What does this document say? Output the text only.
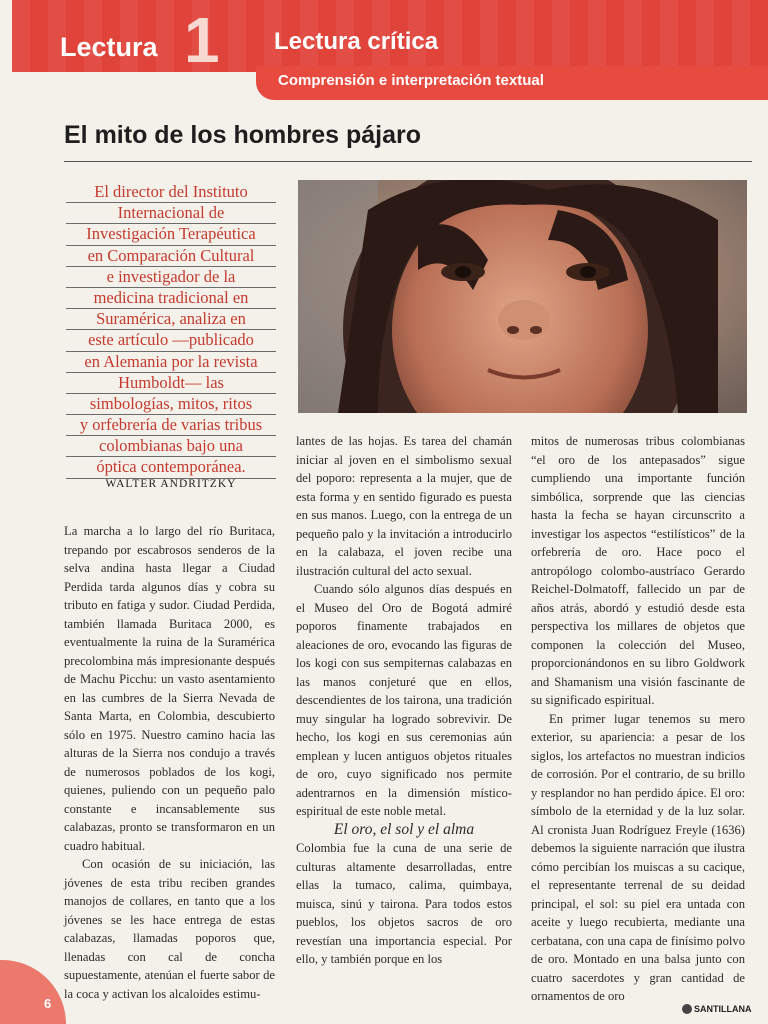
Lectura 1 Lectura crítica
Comprensión e interpretación textual
El mito de los hombres pájaro
El director del Instituto
Internacional de
Investigación Terapéutica
en Comparación Cultural
e investigador de la
medicina tradicional en
Suramérica, analiza en
este artículo —publicado
en Alemania por la revista
Humboldt— las
simbologías, mitos, ritos
y orfebrería de varias tribus
colombianas bajo una
óptica contemporánea.
WALTER ANDRITZKY

La marcha a lo largo del río Buritaca, trepando por escabrosos senderos de la selva andina hasta llegar a Ciudad Perdida tarda algunos días y cobra su tributo en fatiga y sudor. Ciudad Perdida, también llamada Buritaca 2000, es eventualmente la ruina de la Suramérica precolombina más impresionante después de Machu Picchu: un vasto asentamiento en las cumbres de la Sierra Nevada de Santa Marta, en Colombia, descubierto sólo en 1975. Nuestro camino hacia las alturas de la Sierra nos condujo a través de numerosos poblados de los kogi, quienes, puliendo con un pequeño palo constante e incansablemente sus calabazas, pronto se transformaron en un cuadro habitual.

Con ocasión de su iniciación, las jóvenes de esta tribu reciben grandes manojos de collares, en tanto que a los jóvenes se les hace entrega de estas calabazas, llamadas poporos que, llenadas con cal de concha supuestamente, atenúan el fuerte sabor de la coca y activan los alcaloides estimu-

lantes de las hojas. Es tarea del chamán iniciar al joven en el simbolismo sexual del poporo: representa a la mujer, que de esta forma y en sentido figurado es puesta en sus manos. Luego, con la entrega de un pequeño palo y la invitación a introducirlo en la calabaza, el joven recibe una ilustración cultural del acto sexual.

Cuando sólo algunos días después en el Museo del Oro de Bogotá admiré poporos finamente trabajados en aleaciones de oro, evocando las figuras de los kogi con sus sempiternas calabazas en las manos conjeturé que en ellos, descendientes de los tairona, una tradición muy singular ha logrado sobrevivir. De hecho, los kogi en sus ceremonias aún emplean y lucen antiguos objetos rituales de oro, cuyo significado nos permite adentrarnos en la dimensión místico-espiritual de este noble metal.

El oro, el sol y el alma

Colombia fue la cuna de una serie de culturas altamente desarrolladas, entre ellas la tumaco, calima, quimbaya, muisca, sinú y tairona. Para todos estos pueblos, los objetos sacros de oro revestían una importancia especial. Por ello, y también porque en los

mitos de numerosas tribus colombianas “el oro de los antepasados” sigue cumpliendo una importante función simbólica, sorprende que las ciencias hasta la fecha se hayan circunscrito a investigar los aspectos “estilísticos” de la orfebrería de oro. Hace poco el antropólogo colombo-austríaco Gerardo Reichel-Dolmatoff, fallecido un par de años atrás, abordó y estudió desde esta perspectiva los millares de objetos que componen la colección del Museo, proporcionándonos en su libro Goldwork and Shamanism una visión fascinante de su significado espiritual.

En primer lugar tenemos su mero exterior, su apariencia: a pesar de los siglos, los artefactos no muestran indicios de corrosión. Por el contrario, de su brillo y resplandor no han perdido ápice. El oro: símbolo de la eternidad y de la luz solar. Al cronista Juan Rodríguez Freyle (1636) debemos la siguiente narración que ilustra cómo percibían los muiscas a su cacique, el representante terrenal de su deidad principal, el sol: su piel era untada con aceite y luego recubierta, mediante una cerbatana, con una capa de finísimo polvo de oro. Montado en una balsa junto con cuatro sacerdotes y gran cantidad de ornamentos de oro

6	SANTILLANA
